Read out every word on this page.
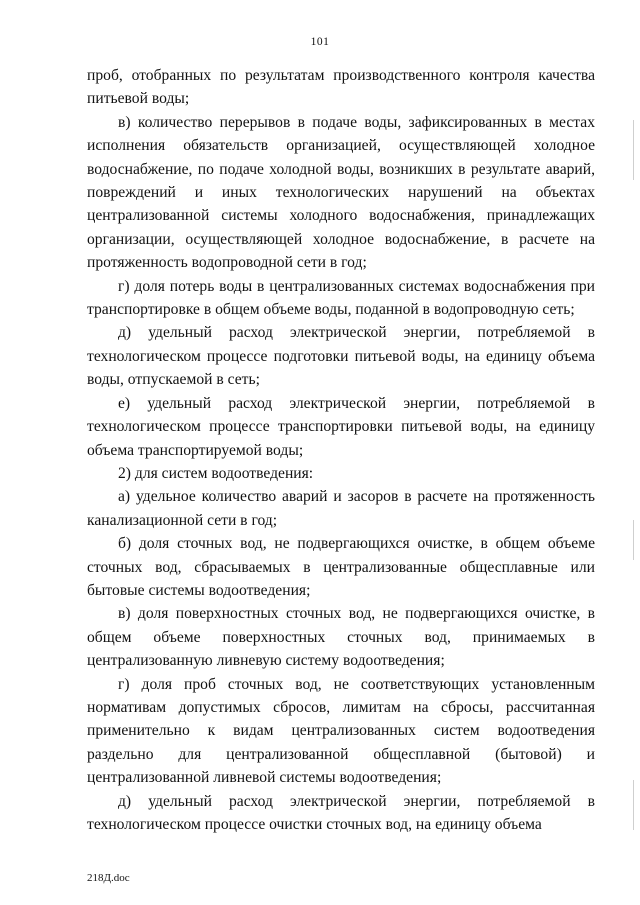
101

проб, отобранных по результатам производственного контроля качества питьевой воды;

в) количество перерывов в подаче воды, зафиксированных в местах исполнения обязательств организацией, осуществляющей холодное водоснабжение, по подаче холодной воды, возникших в результате аварий, повреждений и иных технологических нарушений на объектах централизованной системы холодного водоснабжения, принадлежащих организации, осуществляющей холодное водоснабжение, в расчете на протяженность водопроводной сети в год;

г) доля потерь воды в централизованных системах водоснабжения при транспортировке в общем объеме воды, поданной в водопроводную сеть;

д) удельный расход электрической энергии, потребляемой в технологическом процессе подготовки питьевой воды, на единицу объема воды, отпускаемой в сеть;

е) удельный расход электрической энергии, потребляемой в технологическом процессе транспортировки питьевой воды, на единицу объема транспортируемой воды;

2) для систем водоотведения:

а) удельное количество аварий и засоров в расчете на протяженность канализационной сети в год;

б) доля сточных вод, не подвергающихся очистке, в общем объеме сточных вод, сбрасываемых в централизованные общесплавные или бытовые системы водоотведения;

в) доля поверхностных сточных вод, не подвергающихся очистке, в общем объеме поверхностных сточных вод, принимаемых в централизованную ливневую систему водоотведения;

г) доля проб сточных вод, не соответствующих установленным нормативам допустимых сбросов, лимитам на сбросы, рассчитанная применительно к видам централизованных систем водоотведения раздельно для централизованной общесплавной (бытовой) и централизованной ливневой системы водоотведения;

д) удельный расход электрической энергии, потребляемой в технологическом процессе очистки сточных вод, на единицу объема

218Д.doc
